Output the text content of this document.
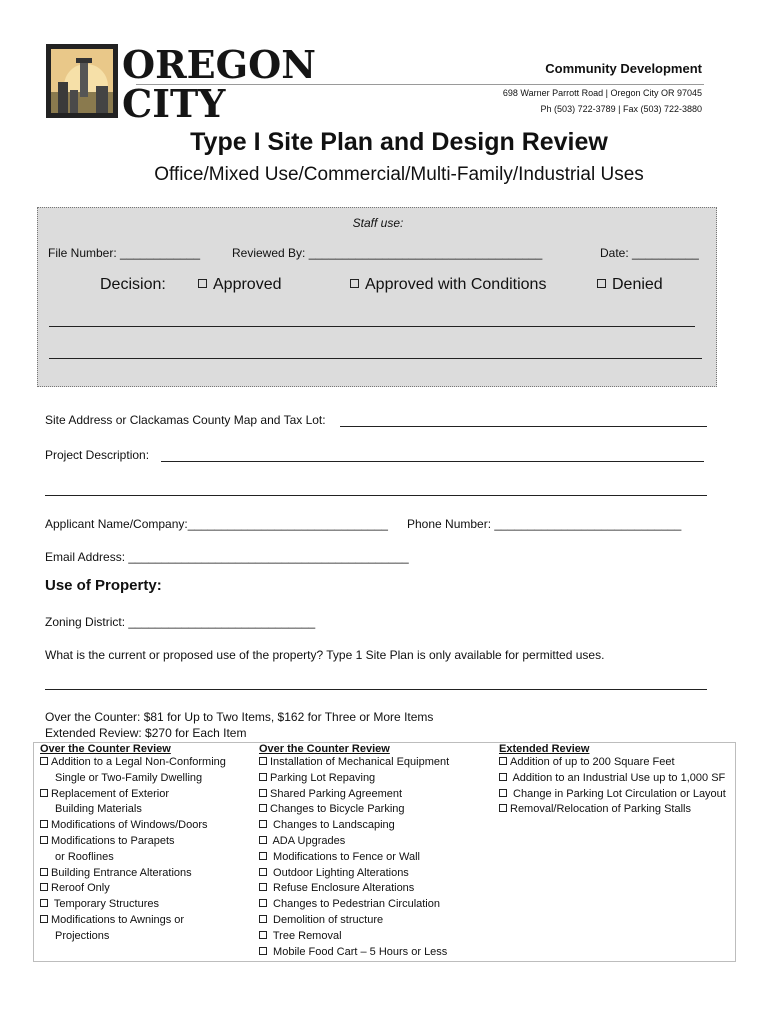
OREGON
CITY
Community Development
698 Warner Parrott Road | Oregon City OR 97045
Ph (503) 722-3789 | Fax (503) 722-3880
Type I Site Plan and Design Review
Office/Mixed Use/Commercial/Multi-Family/Industrial Uses
Staff use:
File Number: ____________	Reviewed By: ___________________________________	Date: __________
Decision:	Approved	Approved with Conditions	Denied
Site Address or Clackamas County Map and Tax Lot:
Project Description:
Applicant Name/Company:______________________________ Phone Number: ____________________________
Email Address: __________________________________________
Use of Property:
Zoning District: ____________________________
What is the current or proposed use of the property? Type 1 Site Plan is only available for permitted uses.
Over the Counter: $81 for Up to Two Items, $162 for Three or More Items
Extended Review: $270 for Each Item
Over the Counter Review
Addition to a Legal Non-Conforming
Single or Two-Family Dwelling
Replacement of Exterior
Building Materials
Modifications of Windows/Doors
Modifications to Parapets
or Rooflines
Building Entrance Alterations
Reroof Only
Temporary Structures
Modifications to Awnings or
Projections
Over the Counter Review
Installation of Mechanical Equipment
Parking Lot Repaving
Shared Parking Agreement
Changes to Bicycle Parking
Changes to Landscaping
ADA Upgrades
Modifications to Fence or Wall
Outdoor Lighting Alterations
Refuse Enclosure Alterations
Changes to Pedestrian Circulation
Demolition of structure
Tree Removal
Mobile Food Cart – 5 Hours or Less
Extended Review
Addition of up to 200 Square Feet
Addition to an Industrial Use up to 1,000 SF
Change in Parking Lot Circulation or Layout
Removal/Relocation of Parking Stalls
